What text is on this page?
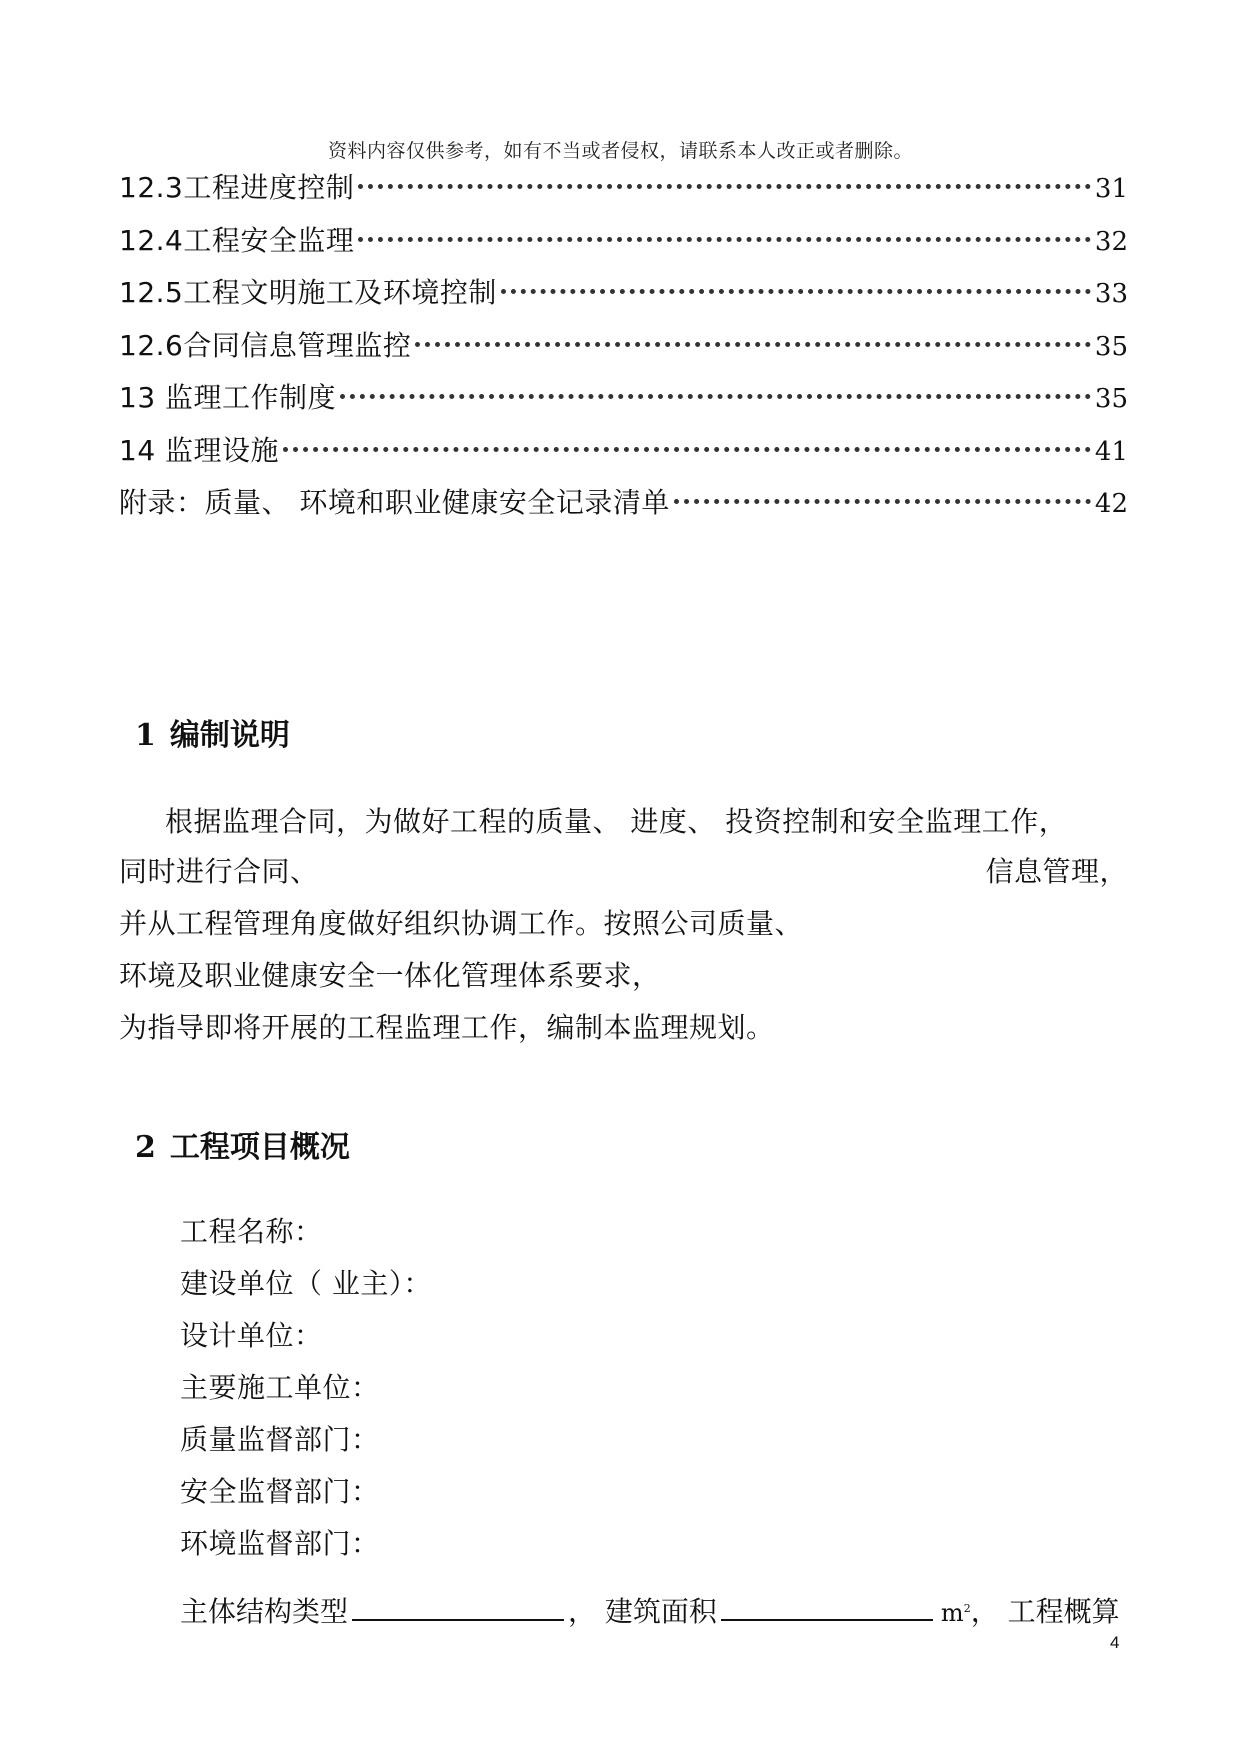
资料内容仅供参考，如有不当或者侵权，请联系本人改正或者删除。
12.3工程进度控制	31
12.4工程安全监理	32
12.5工程文明施工及环境控制	33
12.6合同信息管理监控	35
13 监理工作制度	35
14 监理设施	41
附录：质量、 环境和职业健康安全记录清单	42
1 编制说明
根据监理合同，为做好工程的质量、 进度、 投资控制和安全监理工作，
同时进行合同、	信息管理，
并从工程管理角度做好组织协调工作。按照公司质量、
环境及职业健康安全一体化管理体系要求，
为指导即将开展的工程监理工作，编制本监理规划。
2 工程项目概况
工程名称：
建设单位（ 业主）：
设计单位：
主要施工单位：
质量监督部门：
安全监督部门：
环境监督部门：
主体结构类型	， 建筑面积	$m^2$ ， 工程概算
4
